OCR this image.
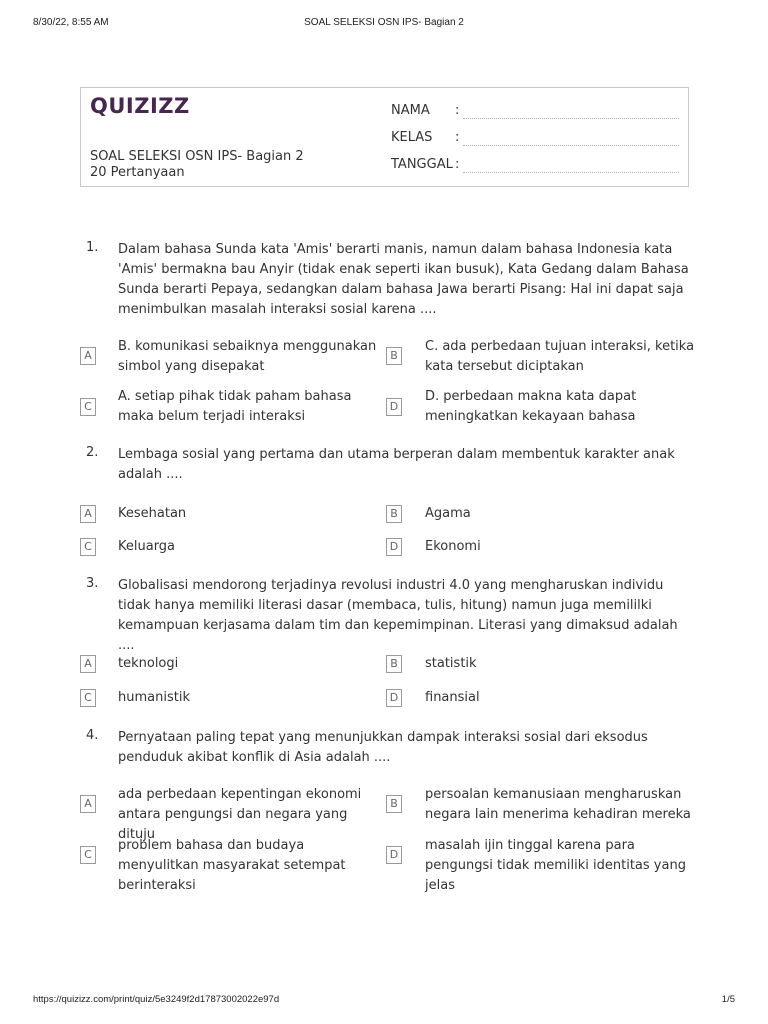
8/30/22, 8:55 AM	SOAL SELEKSI OSN IPS- Bagian 2
QUIZIZZ
SOAL SELEKSI OSN IPS- Bagian 2
20 Pertanyaan
NAMA	:
KELAS	:
TANGGAL :
1. Dalam bahasa Sunda kata 'Amis' berarti manis, namun dalam bahasa Indonesia kata 'Amis' bermakna bau Anyir (tidak enak seperti ikan busuk), Kata Gedang dalam Bahasa Sunda berarti Pepaya, sedangkan dalam bahasa Jawa berarti Pisang: Hal ini dapat saja menimbulkan masalah interaksi sosial karena ....
A
B. komunikasi sebaiknya menggunakan simbol yang disepakat
B
C. ada perbedaan tujuan interaksi, ketika kata tersebut diciptakan
C
A. setiap pihak tidak paham bahasa maka belum terjadi interaksi
D
D. perbedaan makna kata dapat meningkatkan kekayaan bahasa
2. Lembaga sosial yang pertama dan utama berperan dalam membentuk karakter anak adalah ....
A	Kesehatan	B	Agama
C	Keluarga	D Ekonomi
3. Globalisasi mendorong terjadinya revolusi industri 4.0 yang mengharuskan individu tidak hanya memiliki literasi dasar (membaca, tulis, hitung) namun juga memililki kemampuan kerjasama dalam tim dan kepemimpinan. Literasi yang dimaksud adalah ....
A	teknologi	B	statistik
C	humanistik	D finansial
4. Pernyataan paling tepat yang menunjukkan dampak interaksi sosial dari eksodus penduduk akibat konflik di Asia adalah ....
A
ada perbedaan kepentingan ekonomi antara pengungsi dan negara yang dituju
B
persoalan kemanusiaan mengharuskan negara lain menerima kehadiran mereka
C
problem bahasa dan budaya menyulitkan masyarakat setempat berinteraksi
D
masalah ijin tinggal karena para pengungsi tidak memiliki identitas yang jelas
https://quizizz.com/print/quiz/5e3249f2d17873002022e97d	1/5
